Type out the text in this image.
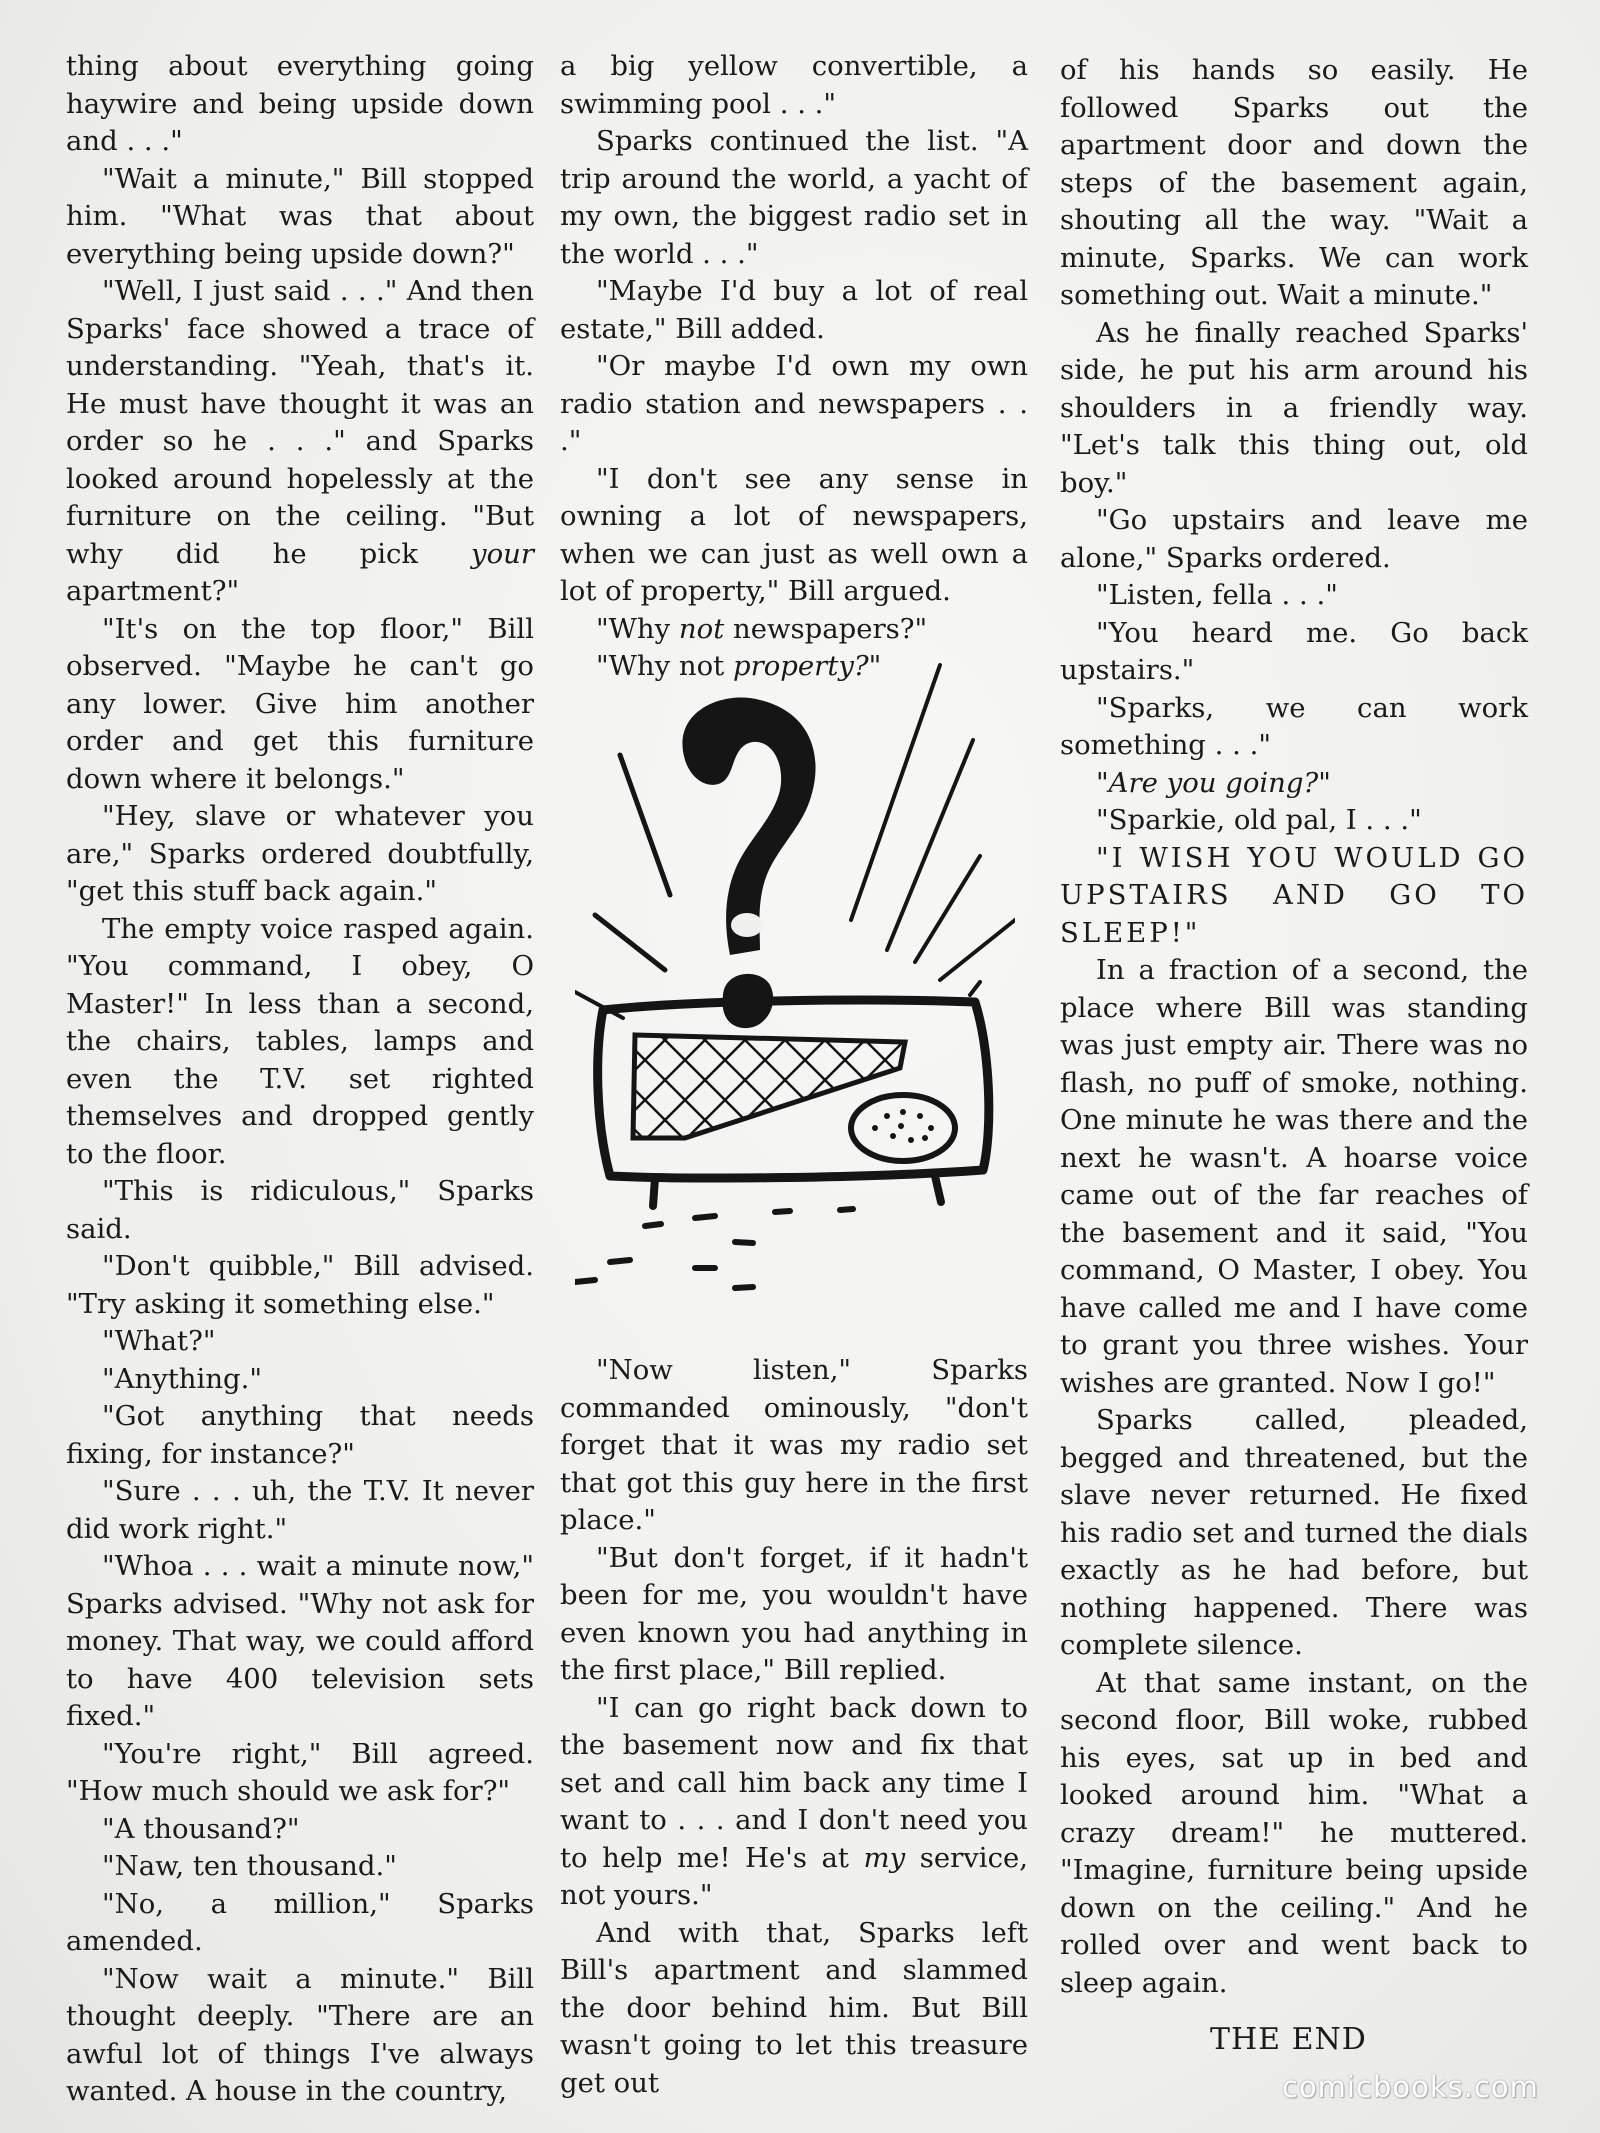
thing about everything going haywire and being upside down and . . ."

"Wait a minute," Bill stopped him. "What was that about everything being upside down?"

"Well, I just said . . ." And then Sparks' face showed a trace of understanding. "Yeah, that's it. He must have thought it was an order so he . . ." and Sparks looked around hopelessly at the furniture on the ceiling. "But why did he pick your apartment?"

"It's on the top floor," Bill observed. "Maybe he can't go any lower. Give him another order and get this furniture down where it belongs."

"Hey, slave or whatever you are," Sparks ordered doubtfully, "get this stuff back again."

The empty voice rasped again. "You command, I obey, O Master!" In less than a second, the chairs, tables, lamps and even the T.V. set righted themselves and dropped gently to the floor.

"This is ridiculous," Sparks said.

"Don't quibble," Bill advised. "Try asking it something else."

"What?"

"Anything."

"Got anything that needs fixing, for instance?"

"Sure . . . uh, the T.V. It never did work right."

"Whoa . . . wait a minute now," Sparks advised. "Why not ask for money. That way, we could afford to have 400 television sets fixed."

"You're right," Bill agreed. "How much should we ask for?"

"A thousand?"

"Naw, ten thousand."

"No, a million," Sparks amended.

"Now wait a minute." Bill thought deeply. "There are an awful lot of things I've always wanted. A house in the country,

a big yellow convertible, a swimming pool . . ."

Sparks continued the list. "A trip around the world, a yacht of my own, the biggest radio set in the world . . ."

"Maybe I'd buy a lot of real estate," Bill added.

"Or maybe I'd own my own radio station and newspapers . . ."

"I don't see any sense in owning a lot of newspapers, when we can just as well own a lot of property," Bill argued.

"Why not newspapers?"

"Why not property?"

"Now listen," Sparks commanded ominously, "don't forget that it was my radio set that got this guy here in the first place."

"But don't forget, if it hadn't been for me, you wouldn't have even known you had anything in the first place," Bill replied.

"I can go right back down to the basement now and fix that set and call him back any time I want to . . . and I don't need you to help me! He's at my service, not yours."

And with that, Sparks left Bill's apartment and slammed the door behind him. But Bill wasn't going to let this treasure get out

of his hands so easily. He followed Sparks out the apartment door and down the steps of the basement again, shouting all the way. "Wait a minute, Sparks. We can work something out. Wait a minute."

As he finally reached Sparks' side, he put his arm around his shoulders in a friendly way. "Let's talk this thing out, old boy."

"Go upstairs and leave me alone," Sparks ordered.

"Listen, fella . . ."

"You heard me. Go back upstairs."

"Sparks, we can work something . . ."

"Are you going?"

"Sparkie, old pal, I . . ."

"I WISH YOU WOULD GO UPSTAIRS AND GO TO SLEEP!"

In a fraction of a second, the place where Bill was standing was just empty air. There was no flash, no puff of smoke, nothing. One minute he was there and the next he wasn't. A hoarse voice came out of the far reaches of the basement and it said, "You command, O Master, I obey. You have called me and I have come to grant you three wishes. Your wishes are granted. Now I go!"

Sparks called, pleaded, begged and threatened, but the slave never returned. He fixed his radio set and turned the dials exactly as he had before, but nothing happened. There was complete silence.

At that same instant, on the second floor, Bill woke, rubbed his eyes, sat up in bed and looked around him. "What a crazy dream!" he muttered. "Imagine, furniture being upside down on the ceiling." And he rolled over and went back to sleep again.

THE END
comicbooks.com
